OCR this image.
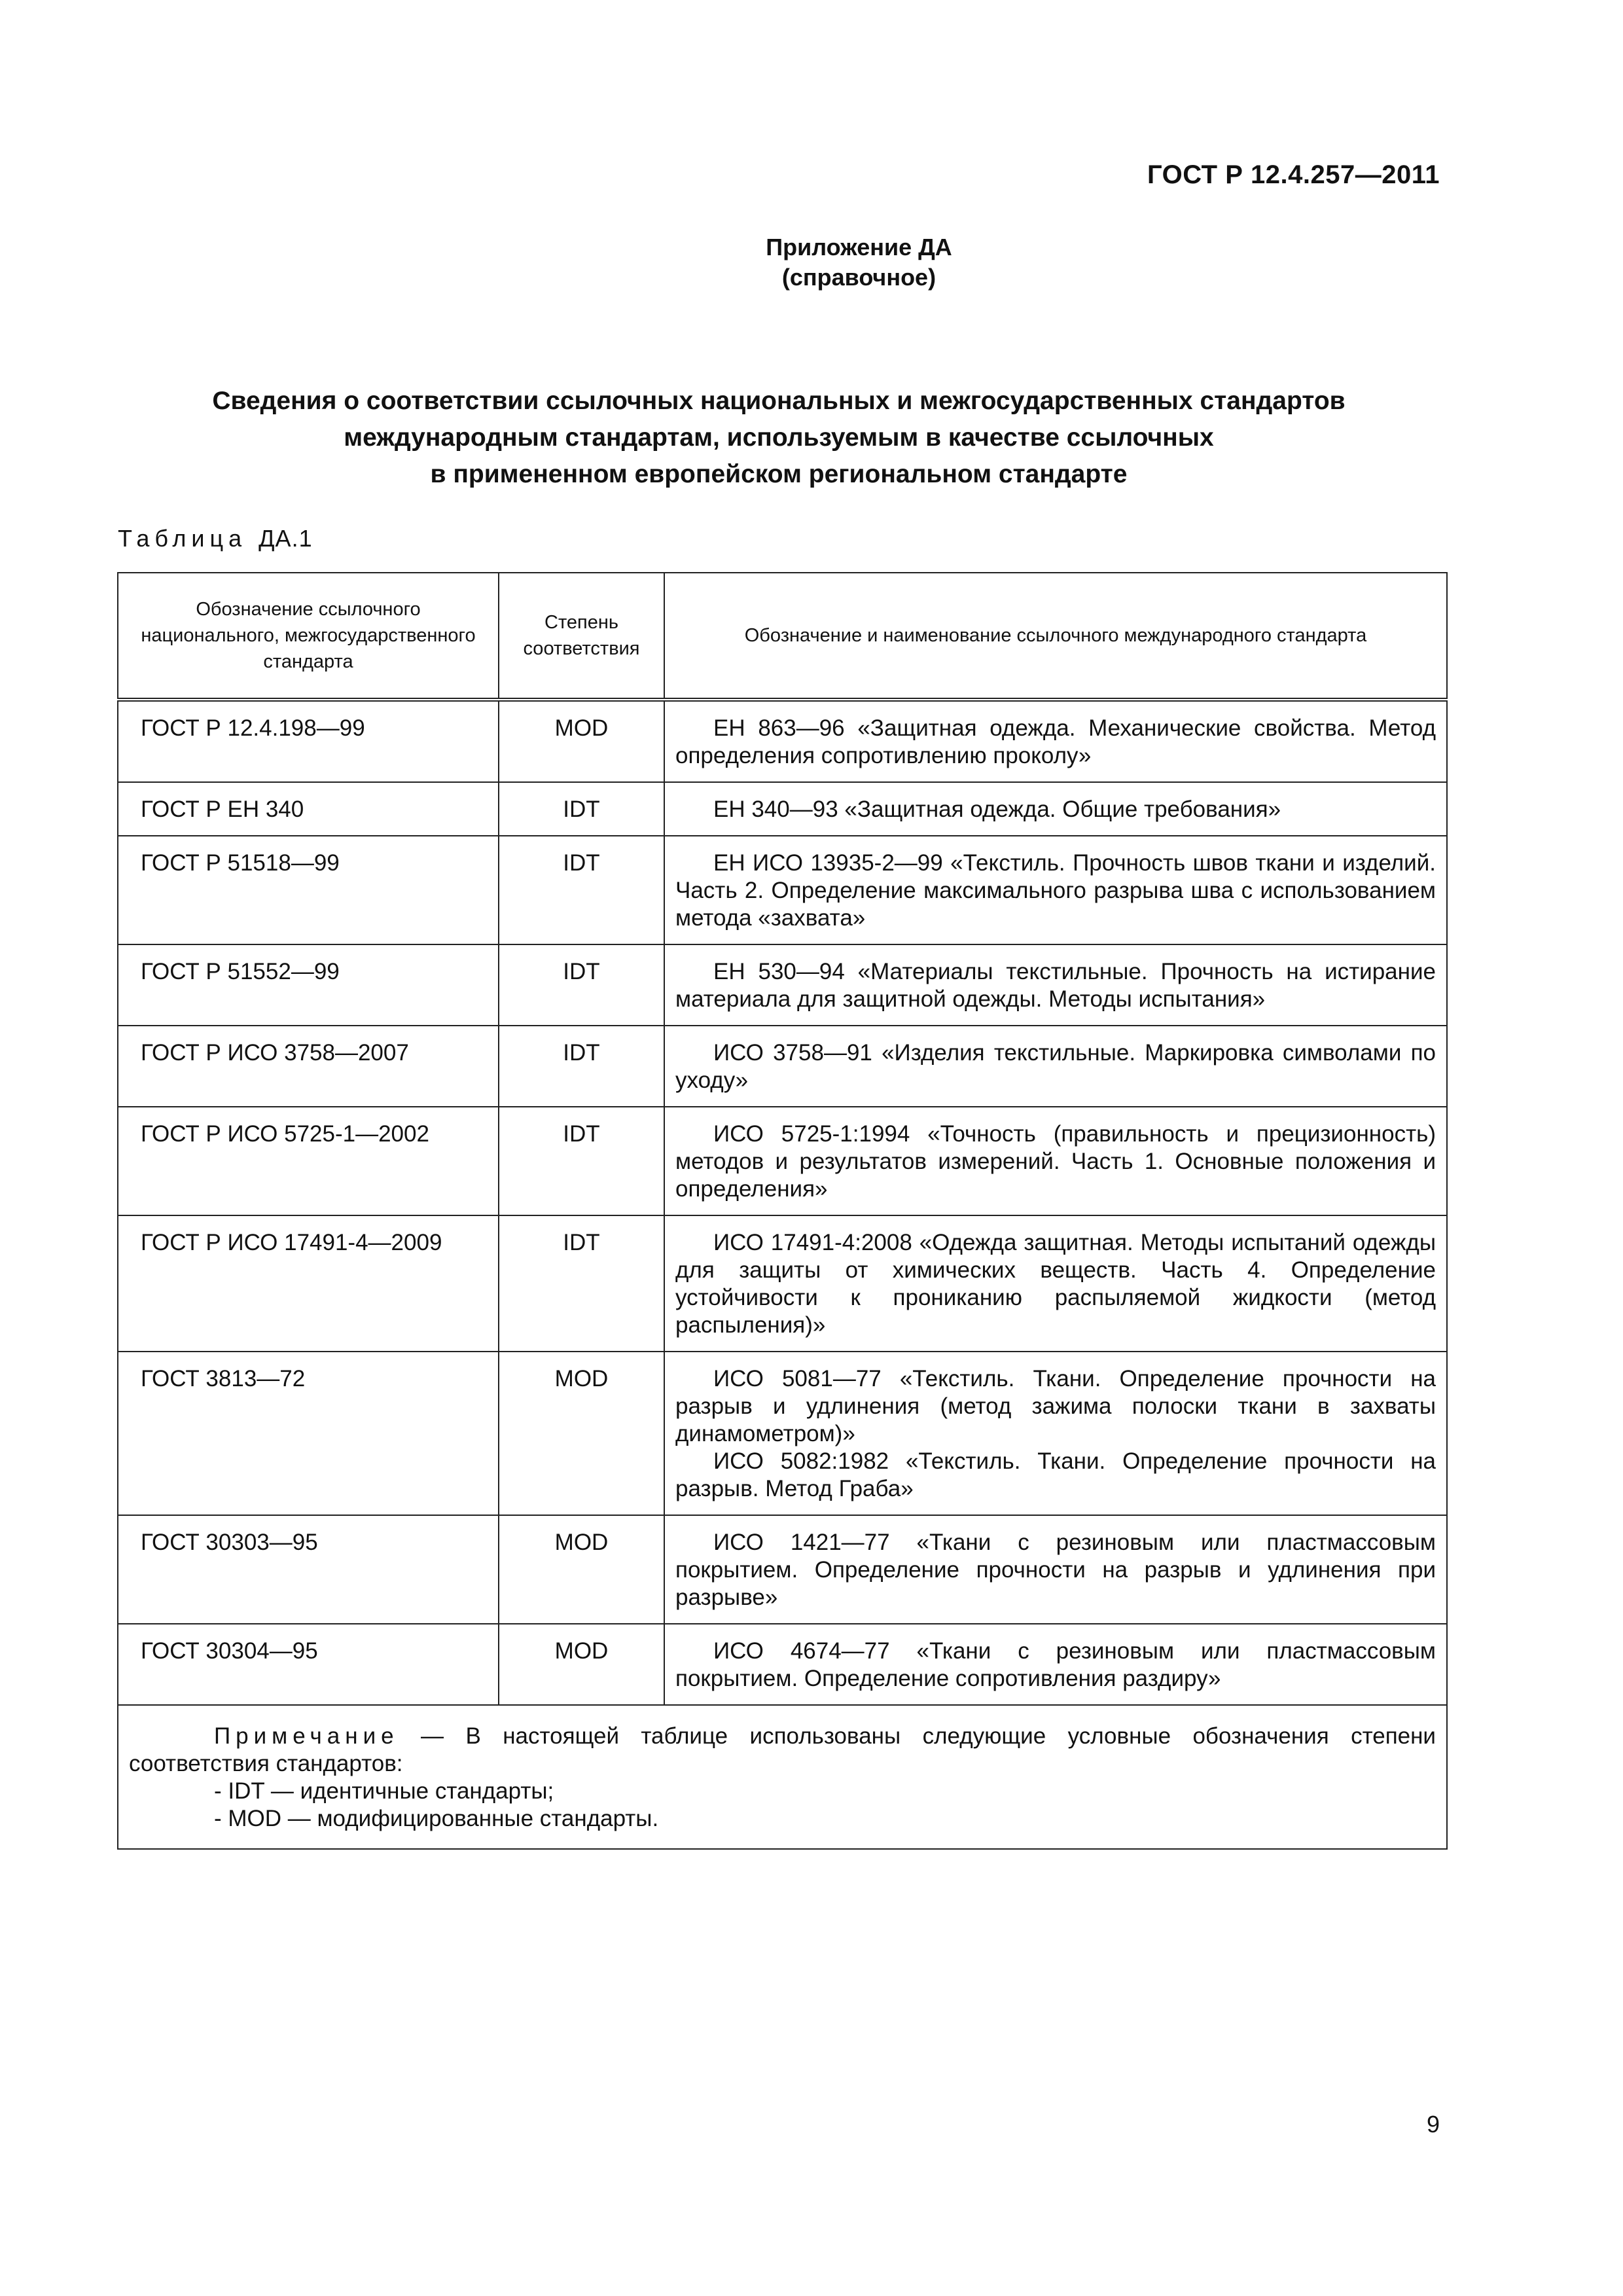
ГОСТ Р 12.4.257—2011
Приложение ДА
(справочное)
Сведения о соответствии ссылочных национальных и межгосударственных стандартов
международным стандартам, используемым в качестве ссылочных
в примененном европейском региональном стандарте
Таблица ДА.1
Обозначение ссылочного национального, межгосударственного стандарта	Степень соответствия	Обозначение и наименование ссылочного международного стандарта
ГОСТ Р 12.4.198—99	MOD	ЕН 863—96 «Защитная одежда. Механические свойства. Метод определения сопротивлению проколу»

ГОСТ Р ЕН 340	IDT	ЕН 340—93 «Защитная одежда. Общие требования»

ГОСТ Р 51518—99	IDT	ЕН ИСО 13935-2—99 «Текстиль. Прочность швов ткани и изделий. Часть 2. Определение максимального разрыва шва с использованием метода «захвата»

ГОСТ Р 51552—99	IDT	ЕН 530—94 «Материалы текстильные. Прочность на истирание материала для защитной одежды. Методы испытания»

ГОСТ Р ИСО 3758—2007	IDT	ИСО 3758—91 «Изделия текстильные. Маркировка символами по уходу»

ГОСТ Р ИСО 5725-1—2002	IDT	ИСО 5725-1:1994 «Точность (правильность и прецизионность) методов и результатов измерений. Часть 1. Основные положения и определения»

ГОСТ Р ИСО 17491-4—2009	IDT	ИСО 17491-4:2008 «Одежда защитная. Методы испытаний одежды для защиты от химических веществ. Часть 4. Определение устойчивости к прониканию распыляемой жидкости (метод распыления)»

ГОСТ 3813—72	MOD	ИСО 5081—77 «Текстиль. Ткани. Определение прочности на разрыв и удлинения (метод зажима полоски ткани в захваты динамометром)»
ИСО 5082:1982 «Текстиль. Ткани. Определение прочности на разрыв. Метод Граба»

ГОСТ 30303—95	MOD	ИСО 1421—77 «Ткани с резиновым или пластмассовым покрытием. Определение прочности на разрыв и удлинения при разрыве»

ГОСТ 30304—95	MOD	ИСО 4674—77 «Ткани с резиновым или пластмассовым покрытием. Определение сопротивления раздиру»

Примечание — В настоящей таблице использованы следующие условные обозначения степени соответствия стандартов:
- IDT — идентичные стандарты;
- MOD — модифицированные стандарты.		
9
